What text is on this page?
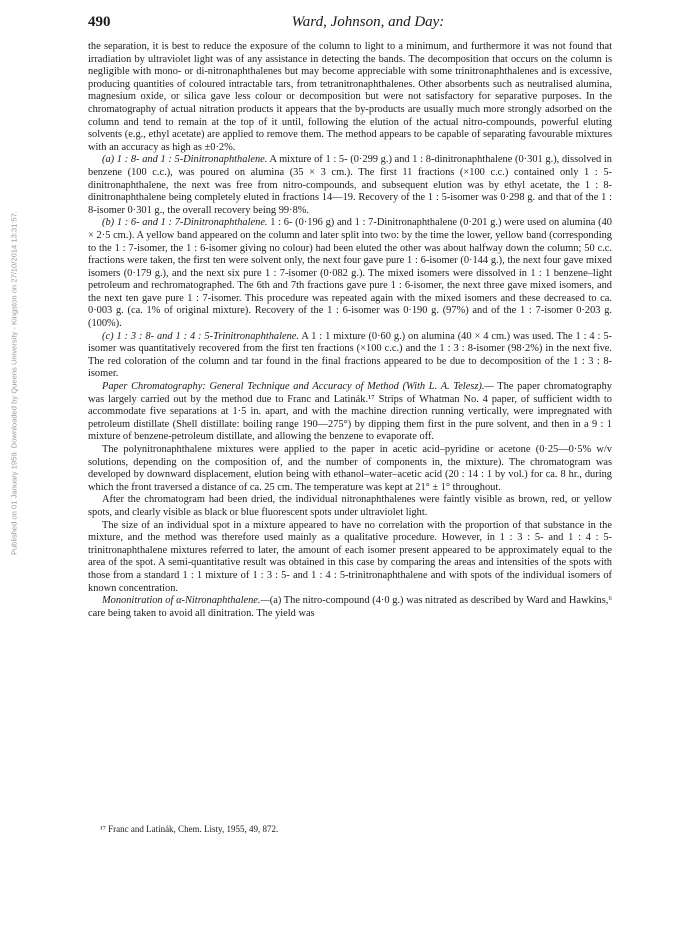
490	Ward, Johnson, and Day:
Published on 01 January 1959. Downloaded by Queens University - Kingston on 27/10/2014 13:31:57.

the separation, it is best to reduce the exposure of the column to light to a minimum, and furthermore it was not found that irradiation by ultraviolet light was of any assistance in detecting the bands. The decomposition that occurs on the column is negligible with mono- or di-nitronaphthalenes but may become appreciable with some trinitronaphthalenes and is excessive, producing quantities of coloured intractable tars, from tetranitronaphthalenes. Other absorbents such as neutralised alumina, magnesium oxide, or silica gave less colour or decomposition but were not satisfactory for separative purposes. In the chromatography of actual nitration products it appears that the by-products are usually much more strongly adsorbed on the column and tend to remain at the top of it until, following the elution of the actual nitro-compounds, powerful eluting solvents (e.g., ethyl acetate) are applied to remove them. The method appears to be capable of separating favourable mixtures with an accuracy as high as ±0·2%.

(a) 1 : 8- and 1 : 5-Dinitronaphthalene. A mixture of 1 : 5- (0·299 g.) and 1 : 8-dinitronaphthalene (0·301 g.), dissolved in benzene (100 c.c.), was poured on alumina (35 × 3 cm.). The first 11 fractions (×100 c.c.) contained only 1 : 5-dinitronaphthalene, the next was free from nitro-compounds, and subsequent elution was by ethyl acetate, the 1 : 8-dinitronaphthalene being completely eluted in fractions 14—19. Recovery of the 1 : 5-isomer was 0·298 g. and that of the 1 : 8-isomer 0·301 g., the overall recovery being 99·8%.

(b) 1 : 6- and 1 : 7-Dinitronaphthalene. 1 : 6- (0·196 g) and 1 : 7-Dinitronaphthalene (0·201 g.) were used on alumina (40 × 2·5 cm.). A yellow band appeared on the column and later split into two: by the time the lower, yellow band (corresponding to the 1 : 7-isomer, the 1 : 6-isomer giving no colour) had been eluted the other was about halfway down the column; 50 c.c. fractions were taken, the first ten were solvent only, the next four gave pure 1 : 6-isomer (0·144 g.), the next four gave mixed isomers (0·179 g.), and the next six pure 1 : 7-isomer (0·082 g.). The mixed isomers were dissolved in 1 : 1 benzene–light petroleum and rechromatographed. The 6th and 7th fractions gave pure 1 : 6-isomer, the next three gave mixed isomers, and the next ten gave pure 1 : 7-isomer. This procedure was repeated again with the mixed isomers and these decreased to ca. 0·003 g. (ca. 1% of original mixture). Recovery of the 1 : 6-isomer was 0·190 g. (97%) and of the 1 : 7-isomer 0·203 g. (100%).

(c) 1 : 3 : 8- and 1 : 4 : 5-Trinitronaphthalene. A 1 : 1 mixture (0·60 g.) on alumina (40 × 4 cm.) was used. The 1 : 4 : 5-isomer was quantitatively recovered from the first ten fractions (×100 c.c.) and the 1 : 3 : 8-isomer (98·2%) in the next five. The red coloration of the column and tar found in the final fractions appeared to be due to decomposition of the 1 : 3 : 8-isomer.

Paper Chromatography: General Technique and Accuracy of Method (With L. A. Telesz).— The paper chromatography was largely carried out by the method due to Franc and Latinák.¹⁷ Strips of Whatman No. 4 paper, of sufficient width to accommodate five separations at 1·5 in. apart, and with the machine direction running vertically, were impregnated with petroleum distillate (Shell distillate: boiling range 190—275°) by dipping them first in the pure solvent, and then in a 9 : 1 mixture of benzene-petroleum distillate, and allowing the benzene to evaporate off.

The polynitronaphthalene mixtures were applied to the paper in acetic acid–pyridine or acetone (0·25—0·5% w/v solutions, depending on the composition of, and the number of components in, the mixture). The chromatogram was developed by downward displacement, elution being with ethanol–water–acetic acid (20 : 14 : 1 by vol.) for ca. 8 hr., during which the front traversed a distance of ca. 25 cm. The temperature was kept at 21° ± 1° throughout.

After the chromatogram had been dried, the individual nitronaphthalenes were faintly visible as brown, red, or yellow spots, and clearly visible as black or blue fluorescent spots under ultraviolet light.

The size of an individual spot in a mixture appeared to have no correlation with the proportion of that substance in the mixture, and the method was therefore used mainly as a qualitative procedure. However, in 1 : 3 : 5- and 1 : 4 : 5-trinitronaphthalene mixtures referred to later, the amount of each isomer present appeared to be approximately equal to the area of the spot. A semi-quantitative result was obtained in this case by comparing the areas and intensities of the spots with those from a standard 1 : 1 mixture of 1 : 3 : 5- and 1 : 4 : 5-trinitronaphthalene and with spots of the individual isomers of known concentration.

Mononitration of α-Nitronaphthalene.—(a) The nitro-compound (4·0 g.) was nitrated as described by Ward and Hawkins,⁶ care being taken to avoid all dinitration. The yield was

¹⁷ Franc and Latinák, Chem. Listy, 1955, 49, 872.
